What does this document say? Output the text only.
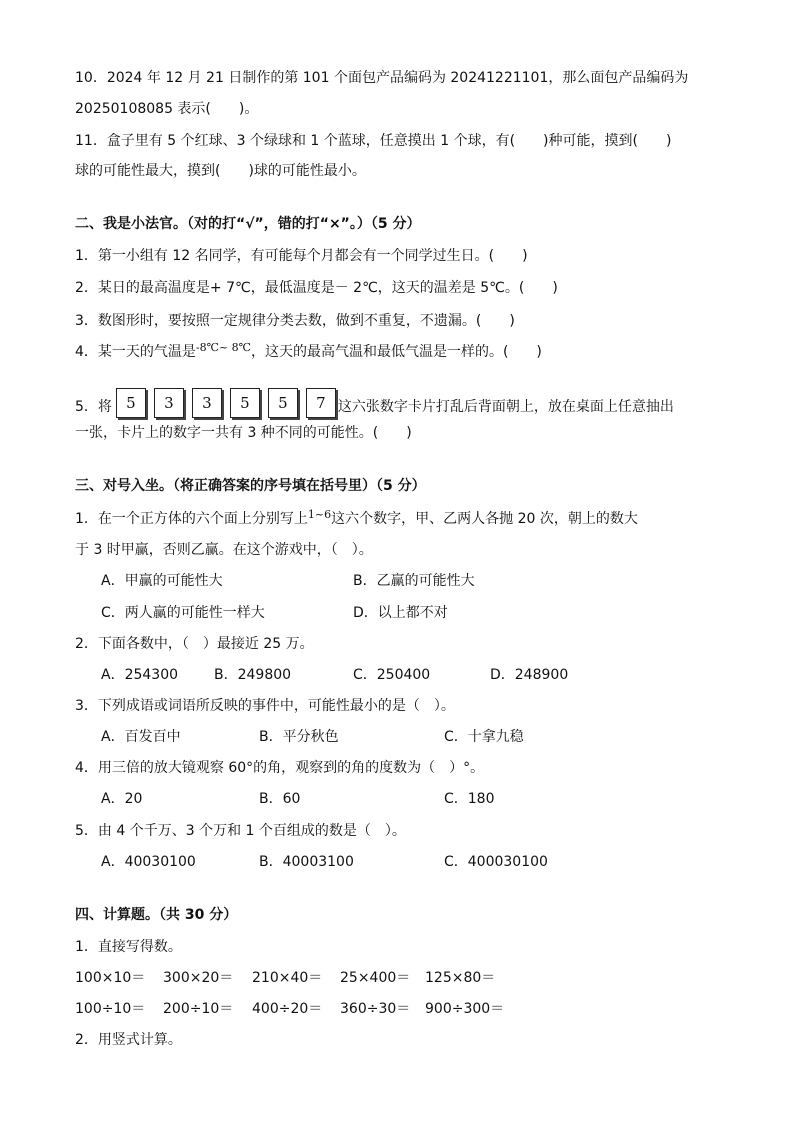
10．2024 年 12 月 21 日制作的第 101 个面包产品编码为 20241221101，那么面包产品编码为
20250108085 表示(　　)。
11．盒子里有 5 个红球、3 个绿球和 1 个蓝球，任意摸出 1 个球，有(　　)种可能，摸到(　　)
球的可能性最大，摸到(　　)球的可能性最小。
二、我是小法官。（对的打“√”，错的打“×”。）（5 分）
1．第一小组有 12 名同学，有可能每个月都会有一个同学过生日。(　　)
2．某日的最高温度是+ 7℃，最低温度是－ 2℃，这天的温差是 5℃。(　　)
3．数图形时，要按照一定规律分类去数，做到不重复，不遗漏。(　　)
4．某一天的气温是$^{-8℃\sim 8℃}$，这天的最高气温和最低气温是一样的。(　　)
5．将 5 3 3 5 5 7 这六张数字卡片打乱后背面朝上，放在桌面上任意抽出
一张，卡片上的数字一共有 3 种不同的可能性。(　　)
三、对号入坐。（将正确答案的序号填在括号里）（5 分）
1．在一个正方体的六个面上分别写上$^{1\sim 6}$这六个数字，甲、乙两人各抛 20 次，朝上的数大
于 3 时甲赢，否则乙赢。在这个游戏中，（　）。
A．甲赢的可能性大	B．乙赢的可能性大
C．两人赢的可能性一样大	D．以上都不对
2．下面各数中，（　）最接近 25 万。
A．254300	B．249800	C．250400	D．248900
3．下列成语或词语所反映的事件中，可能性最小的是（　）。
A．百发百中	B．平分秋色	C．十拿九稳
4．用三倍的放大镜观察 60°的角，观察到的角的度数为（　）°。
A．20	B．60	C．180
5．由 4 个千万、3 个万和 1 个百组成的数是（　）。
A．40030100	B．40003100	C．400030100
四、计算题。（共 30 分）
1．直接写得数。
100×10＝ 300×20＝ 210×40＝ 25×400＝ 125×80＝
100÷10＝ 200÷10＝ 400÷20＝ 360÷30＝ 900÷300＝
2．用竖式计算。
